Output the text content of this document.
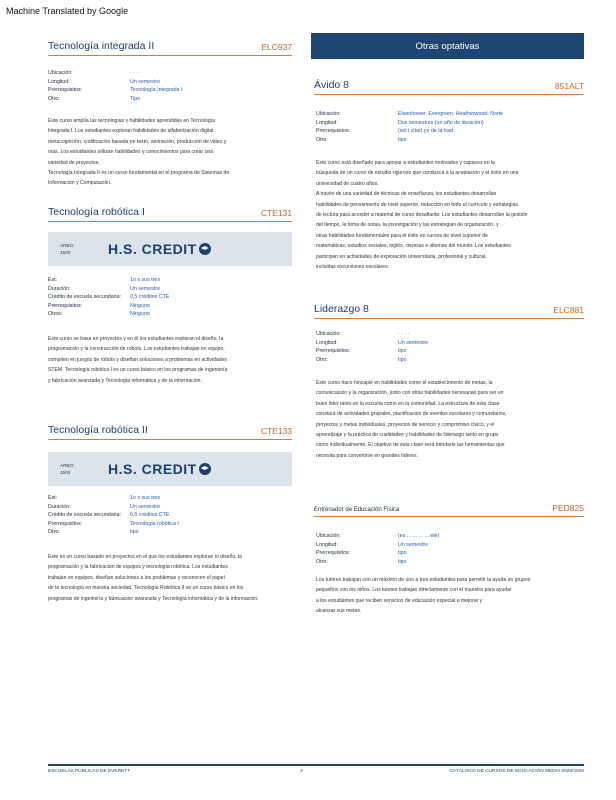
Machine Translated by Google
Otras optativas
Tecnología integrada II	ELC937
Ubicación:	· · · ·
Longitud:	Un semestre
Prerrequisitos:	Tecnología Integrada I
Otro:	Tipo

Este curso amplía las tecnologías y habilidades aprendidas en Tecnología

Integrada I. Los estudiantes exploran habilidades de alfabetización digital,

metacognición, codificación basada en texto, animación, producción de video y

más. Los estudiantes utilizan habilidades y conocimientos para crear una

variedad de proyectos.

Tecnología Integrada II es un curso fundamental en el programa de Sistemas de

Información y Computación.

Tecnología robótica I	CTE131
ARBO:
1500	H.S. CREDIT
Est:	1o s sus tres
Duración:	Un semestre
Crédito de escuela secundaria:	0,5 créditos CTE
Prerrequisitos:	Ninguno
Otros:	Ninguno

Este curso se basa en proyectos y en él los estudiantes exploran el diseño, la

programación y la construcción de robots. Los estudiantes trabajan en equipo,

compiten en juegos de robots y diseñan soluciones a problemas en actividades

STEM. Tecnología robótica I es un curso básico en los programas de ingeniería

y fabricación avanzada y Tecnología informática y de la información.

Tecnología robótica II	CTE133
ARBO:
1500	H.S. CREDIT
Est:	1o s sus tres
Duración:	Un semestre
Crédito de escuela secundaria:	0,5 créditos CTE
Prerrequisitos:	Tecnología robótica I
Otro:	tipo

Este es un curso basado en proyectos en el que los estudiantes exploran el diseño, la

programación y la fabricación de equipos y tecnología robótica. Los estudiantes

trabajan en equipos, diseñan soluciones a los problemas y reconocen el papel

de la tecnología en nuestra sociedad. Tecnología Robótica II es un curso básico en los

programas de ingeniería y fabricación avanzada y Tecnología informática y de la información.

Ávido 8	851ALT
Ubicación:	Eisenhower, Evergreen, Heatherwood, Norte
Longitud:	Dos semestres (un año de duración)
Prerrequisitos:	(sol i citar) yo de la trad
Otro:	tipo

Este curso está diseñado para apoyar a estudiantes motivados y capaces en la

búsqueda de un curso de estudio riguroso que conduzca a la aceptación y el éxito en una

universidad de cuatro años.

A través de una variedad de técnicas de enseñanza, los estudiantes desarrollan

habilidades de pensamiento de nivel superior, redacción en todo el currículo y estrategias

de lectura para acceder a material de curso desafiante. Los estudiantes desarrollan la gestión

del tiempo, la toma de notas, la investigación y las estrategias de organización, y

otras habilidades fundamentales para el éxito en cursos de nivel superior de

matemáticas, estudios sociales, inglés, ciencias e idiomas del mundo. Los estudiantes

participan en actividades de exploración universitaria, profesional y cultural,

incluidas excursiones escolares.

Liderazgo 8	ELC881
Ubicación:	· · · ·
Longitud:	Un semestre
Prerrequisitos:	tipo
Otro:	tipo

Este curso hace hincapié en habilidades como el establecimiento de metas, la

comunicación y la organización, junto con otras habilidades necesarias para ser un

buen líder tanto en la escuela como en la comunidad. La estructura de esta clase

constará de actividades grupales, planificación de eventos escolares y comunitarios,

proyectos y metas individuales, proyectos de servicio y compromiso cívico, y el

aprendizaje y la práctica de cualidades y habilidades de liderazgo tanto en grupo

como individualmente. El objetivo de esta clase será brindarle las herramientas que

necesita para convertirse en grandes líderes.

Entrenador de Educación Física	PED825
Ubicación:	(es ... ... ... ... ele)
Longitud:	Un semestre
Prerrequisitos:	tipo
Otro:	tipo

Los tutores trabajan con un máximo de uno a tres estudiantes para permitir la ayuda en grupos

pequeños con los niños. Los tutores trabajan directamente con el maestro para ayudar

a los estudiantes que reciben servicios de educación especial a mejorar y

alcanzar sus metas.

ESCUELAS PÚBLICAS DE EVERETT	3	CATÁLOGO DE CURSOS DE EDUCACIÓN MEDIA 2025/2026
